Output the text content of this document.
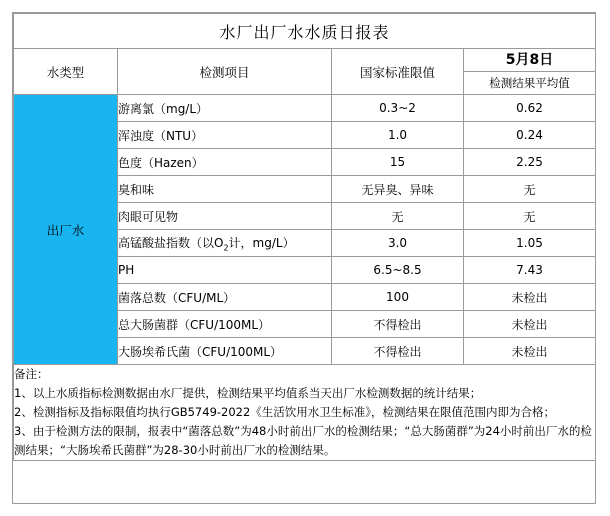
水厂出厂水水质日报表			
水类型	检测项目	国家标准限值	5月8日
检测结果平均值

出厂水	游离氯（mg/L）	0.3~2	0.62
	浑浊度（NTU）	1.0	0.24
	色度（Hazen）	15	2.25
	臭和味	无异臭、异味	无
	肉眼可见物	无	无
	高锰酸盐指数（以$O_2$计，mg/L）	3.0	1.05
	PH	6.5~8.5	7.43
	菌落总数（CFU/ML）	100	未检出
	总大肠菌群（CFU/100ML）	不得检出	未检出
	大肠埃希氏菌（CFU/100ML）	不得检出	未检出

备注：
1、以上水质指标检测数据由水厂提供，检测结果平均值系当天出厂水检测数据的统计结果；
2、检测指标及指标限值均执行GB5749-2022《生活饮用水卫生标准》，检测结果在限值范围内即为合格；
3、由于检测方法的限制，报表中“菌落总数”为48小时前出厂水的检测结果；“总大肠菌群”为24小时前出厂水的检测结果；“大肠埃希氏菌群”为28-30小时前出厂水的检测结果。			
